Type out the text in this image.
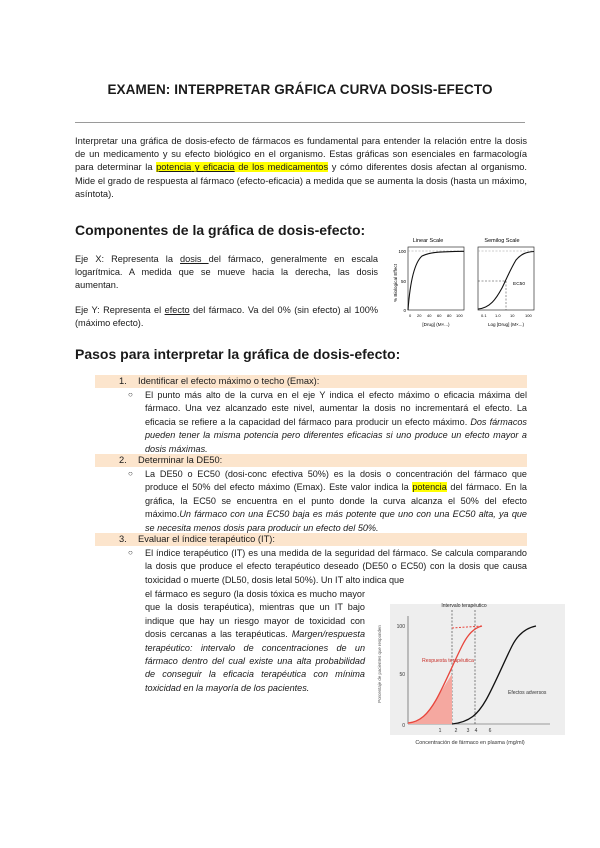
EXAMEN: INTERPRETAR GRÁFICA CURVA DOSIS-EFECTO

Interpretar una gráfica de dosis-efecto de fármacos es fundamental para entender la relación entre la dosis de un medicamento y su efecto biológico en el organismo. Estas gráficas son esenciales en farmacología para determinar la potencia y eficacia de los medicamentos y cómo diferentes dosis afectan al organismo. Mide el grado de respuesta al fármaco (efecto-eficacia) a medida que se aumenta la dosis (hasta un máximo, asíntota).

Componentes de la gráfica de dosis-efecto:

Eje X: Representa la dosis del fármaco, generalmente en escala logarítmica. A medida que se mueve hacia la derecha, las dosis aumentan.

Eje Y: Representa el efecto del fármaco. Va del 0% (sin efecto) al 100% (máximo efecto).

Linear Scale	Semilog Scale
% Biological Effect
0
50
100
0 20 40 60 80 100
[Drug] (M×...)
EC50
0.1 1.0 10	100
Log [Drug] (M×...)
Pasos para interpretar la gráfica de dosis-efecto:
1. Identificar el efecto máximo o techo (Emax):
○ El punto más alto de la curva en el eje Y indica el efecto máximo o eficacia máxima del fármaco. Una vez alcanzado este nivel, aumentar la dosis no incrementará el efecto. La eficacia se refiere a la capacidad del fármaco para producir un efecto máximo. Dos fármacos pueden tener la misma potencia pero diferentes eficacias si uno produce un efecto mayor a dosis máximas.

2. Determinar la DE50:
○ La DE50 o EC50 (dosi-conc efectiva 50%) es la dosis o concentración del fármaco que produce el 50% del efecto máximo (Emax). Este valor indica la potencia del fármaco. En la gráfica, la EC50 se encuentra en el punto donde la curva alcanza el 50% del efecto máximo.Un fármaco con una EC50 baja es más potente que uno con una EC50 alta, ya que se necesita menos dosis para producir un efecto del 50%.

3. Evaluar el índice terapéutico (IT):
○ El índice terapéutico (IT) es una medida de la seguridad del fármaco. Se calcula comparando la dosis que produce el efecto terapéutico deseado (DE50 o EC50) con la dosis que causa toxicidad o muerte (DL50, dosis letal 50%). Un IT alto indica que

el fármaco es seguro (la dosis tóxica es mucho mayor que la dosis terapéutica), mientras que un IT bajo indique que hay un riesgo mayor de toxicidad con dosis cercanas a las terapéuticas. Margen/respuesta terapéutico: intervalo de concentraciones de un fármaco dentro del cual existe una alta probabilidad de conseguir la eficacia terapéutica con mínima toxicidad en la mayoría de los pacientes.	Porcentaje de pacientes que responden	100
50
0
Intervalo terapéutico
Respuesta terapéutica
Efectos adversos
1	2 3 4 6
Concentración de fármaco en plasma (mg/ml)
